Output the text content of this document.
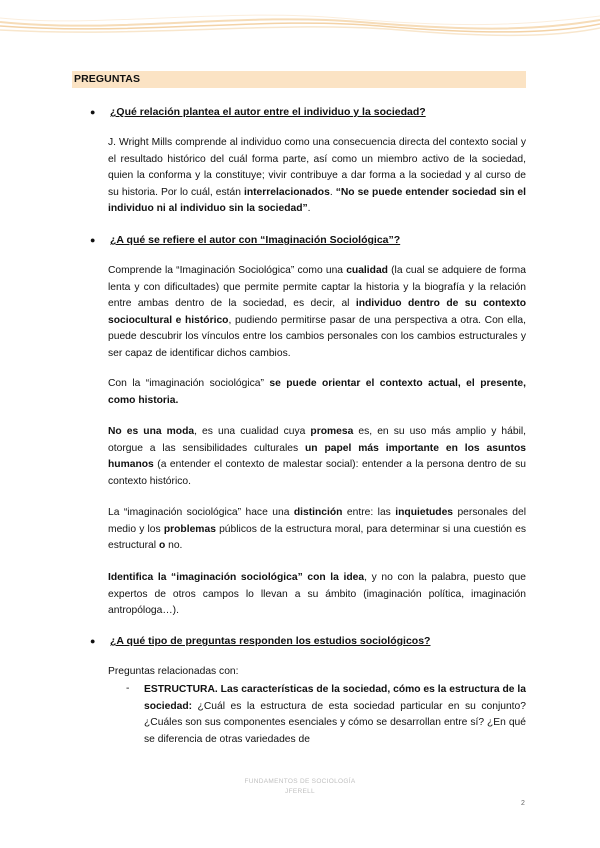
PREGUNTAS
● ¿Qué relación plantea el autor entre el individuo y la sociedad?
J. Wright Mills comprende al individuo como una consecuencia directa del contexto social y el resultado histórico del cuál forma parte, así como un miembro activo de la sociedad, quien la conforma y la constituye; vivir contribuye a dar forma a la sociedad y al curso de su historia. Por lo cuál, están interrelacionados. “No se puede entender sociedad sin el individuo ni al individuo sin la sociedad”.
● ¿A qué se refiere el autor con “Imaginación Sociológica”?
Comprende la “Imaginación Sociológica” como una cualidad (la cual se adquiere de forma lenta y con dificultades) que permite permite captar la historia y la biografía y la relación entre ambas dentro de la sociedad, es decir, al individuo dentro de su contexto sociocultural e histórico, pudiendo permitirse pasar de una perspectiva a otra. Con ella, puede descubrir los vínculos entre los cambios personales con los cambios estructurales y ser capaz de identificar dichos cambios.
Con la “imaginación sociológica” se puede orientar el contexto actual, el presente, como historia.
No es una moda, es una cualidad cuya promesa es, en su uso más amplio y hábil, otorgue a las sensibilidades culturales un papel más importante en los asuntos humanos (a entender el contexto de malestar social): entender a la persona dentro de su contexto histórico.
La “imaginación sociológica” hace una distinción entre: las inquietudes personales del medio y los problemas públicos de la estructura moral, para determinar si una cuestión es estructural o no.
Identifica la “imaginación sociológica” con la idea, y no con la palabra, puesto que expertos de otros campos lo llevan a su ámbito (imaginación política, imaginación antropóloga…).
● ¿A qué tipo de preguntas responden los estudios sociológicos?
Preguntas relacionadas con:
- ESTRUCTURA. Las características de la sociedad, cómo es la estructura de la sociedad: ¿Cuál es la estructura de esta sociedad particular en su conjunto? ¿Cuáles son sus componentes esenciales y cómo se desarrollan entre sí? ¿En qué se diferencia de otras variedades de
FUNDAMENTOS DE SOCIOLOGÍA
JFERELL
2
